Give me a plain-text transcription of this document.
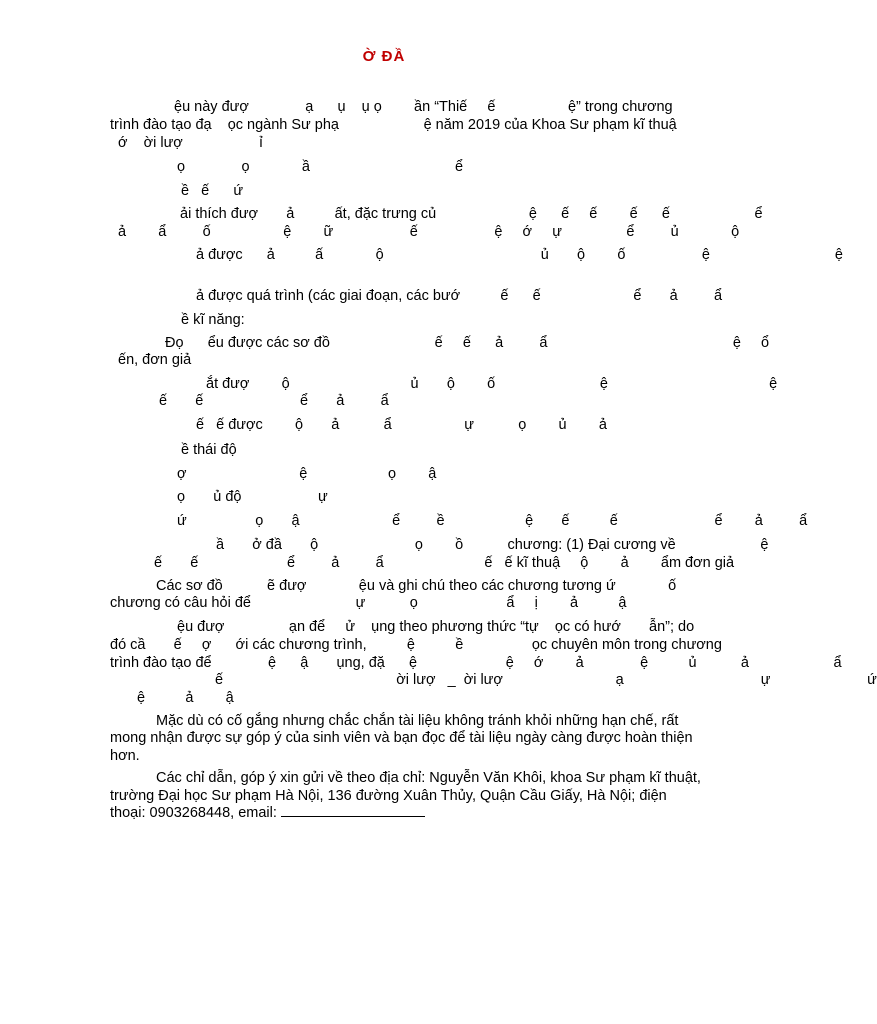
Ờ ĐẦ
ệu này đượ              ạ      ụ    ụ ọ        ần “Thiế     ế                  ệ” trong chương
trình đào tạo đạ    ọc ngành Sư phạ                     ệ năm 2019 của Khoa Sư phạm kĩ thuậ
ớ    ời lượ                   ỉ
ọ              ọ             ầ                                    ể
ề   ế      ứ
ải thích đượ       ả          ất, đặc trưng củ                       ệ      ế     ế        ế      ế                     ể
ả        ẩ         ố                  ệ        ữ                   ế                   ệ     ớ     ự                ể         ủ             ộ
ả được      ả          ấ             ộ                                       ủ       ộ        ố                   ệ                               ệ
ả được quá trình (các giai đoạn, các bướ          ế      ế                       ể       ả         ẩ
ề kĩ năng:
Đọ      ểu được các sơ đồ                          ế     ế      ả         ẩ                                              ệ     ổ
ến, đơn giả
ắt đượ        ộ                              ủ       ộ        ố                          ệ                                        ệ
ế       ế                        ể       ả         ẩ
ế   ế được        ộ       ả           ẩ                  ự           ọ        ủ        ả
ề thái độ
ợ                            ệ                    ọ        ậ
ọ       ủ độ                   ự
ứ                 ọ       ậ                       ể         ề                    ệ       ế          ế                        ể        ả         ẩ
ầ       ở đầ       ộ                        ọ        ồ           chương: (1) Đại cương về                     ệ
ế       ế                      ể         ả         ẩ                         ế   ế kĩ thuậ     ộ        ả        ẩm đơn giả
Các sơ đồ           ẽ đượ             ệu và ghi chú theo các chương tương ứ             ố
chương có câu hỏi để                          ự           ọ                      ẩ     ị        ả          ậ
ệu đượ                ạn để     ử    ụng theo phương thức “tự    ọc có hướ       ẫn”; do
đó cầ       ế     ợ      ới các chương trình,          ệ          ề                 ọc chuyên môn trong chương
trình đào tạo để              ệ      ậ       ụng, đặ      ệ                      ệ     ớ        ả              ệ          ủ           ả                     ẩ
ế                                           ời lượ    ̲   ời lượ                            ạ                                  ự                        ứ
ệ          ả        ậ
Mặc dù có cố gắng nhưng chắc chắn tài liệu không tránh khỏi những hạn chế, rất
mong nhận được sự góp ý của sinh viên và bạn đọc để tài liệu ngày càng được hoàn thiện
hơn.
Các chỉ dẫn, góp ý xin gửi về theo địa chỉ: Nguyễn Văn Khôi, khoa Sư phạm kĩ thuật,
trường Đại học Sư phạm Hà Nội, 136 đường Xuân Thủy, Quận Cầu Giấy, Hà Nội; điện
thoại: 0903268448, email:
